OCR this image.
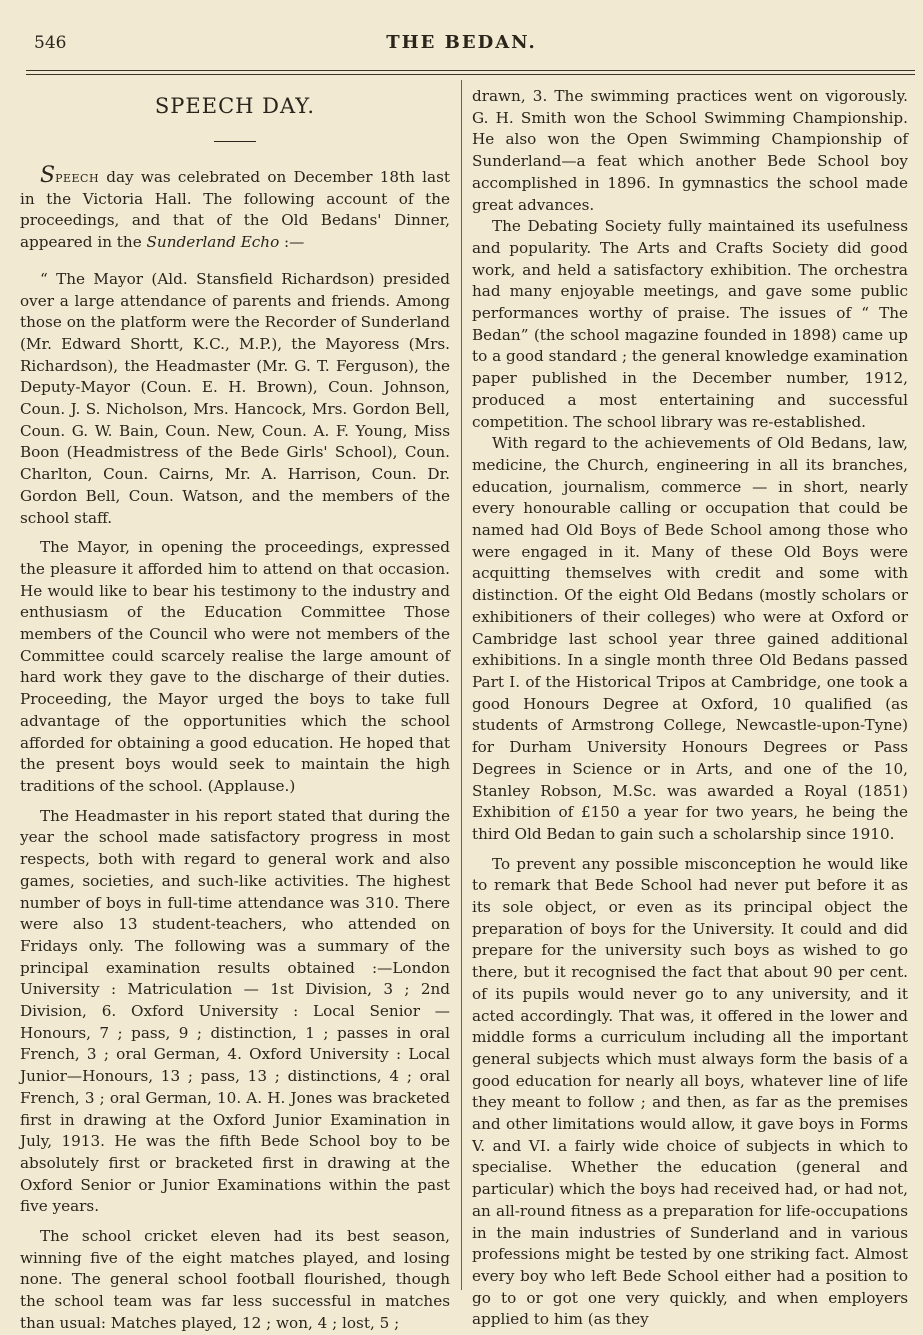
546	THE BEDAN.
SPEECH DAY.

Speech day was celebrated on December 18th last in the Victoria Hall. The following account of the proceedings, and that of the Old Bedans' Dinner, appeared in the Sunderland Echo :—

“ The Mayor (Ald. Stansfield Richardson) presided over a large attendance of parents and friends. Among those on the platform were the Recorder of Sunderland (Mr. Edward Shortt, K.C., M.P.), the Mayoress (Mrs. Richardson), the Headmaster (Mr. G. T. Ferguson), the Deputy-Mayor (Coun. E. H. Brown), Coun. Johnson, Coun. J. S. Nicholson, Mrs. Hancock, Mrs. Gordon Bell, Coun. G. W. Bain, Coun. New, Coun. A. F. Young, Miss Boon (Headmistress of the Bede Girls' School), Coun. Charlton, Coun. Cairns, Mr. A. Harrison, Coun. Dr. Gordon Bell, Coun. Watson, and the members of the school staff.

The Mayor, in opening the proceedings, expressed the pleasure it afforded him to attend on that occasion. He would like to bear his testimony to the industry and enthusiasm of the Education Committee Those members of the Council who were not members of the Committee could scarcely realise the large amount of hard work they gave to the discharge of their duties. Proceeding, the Mayor urged the boys to take full advantage of the opportunities which the school afforded for obtaining a good education. He hoped that the present boys would seek to maintain the high traditions of the school. (Applause.)

The Headmaster in his report stated that during the year the school made satisfactory progress in most respects, both with regard to general work and also games, societies, and such-like activities. The highest number of boys in full-time attendance was 310. There were also 13 student-teachers, who attended on Fridays only. The following was a summary of the principal examination results obtained :—London University : Matriculation — 1st Division, 3 ; 2nd Division, 6. Oxford University : Local Senior — Honours, 7 ; pass, 9 ; distinction, 1 ; passes in oral French, 3 ; oral German, 4. Oxford University : Local Junior—Honours, 13 ; pass, 13 ; distinctions, 4 ; oral French, 3 ; oral German, 10. A. H. Jones was bracketed first in drawing at the Oxford Junior Examination in July, 1913. He was the fifth Bede School boy to be absolutely first or bracketed first in drawing at the Oxford Senior or Junior Examinations within the past five years.

The school cricket eleven had its best season, winning five of the eight matches played, and losing none. The general school football flourished, though the school team was far less successful in matches than usual: Matches played, 12 ; won, 4 ; lost, 5 ;

drawn, 3. The swimming practices went on vigorously. G. H. Smith won the School Swimming Championship. He also won the Open Swimming Championship of Sunderland—a feat which another Bede School boy accomplished in 1896. In gymnastics the school made great advances.

The Debating Society fully maintained its usefulness and popularity. The Arts and Crafts Society did good work, and held a satisfactory exhibition. The orchestra had many enjoyable meetings, and gave some public performances worthy of praise. The issues of “ The Bedan” (the school magazine founded in 1898) came up to a good standard ; the general knowledge examination paper published in the December number, 1912, produced a most entertaining and successful competition. The school library was re-established.

With regard to the achievements of Old Bedans, law, medicine, the Church, engineering in all its branches, education, journalism, commerce — in short, nearly every honourable calling or occupation that could be named had Old Boys of Bede School among those who were engaged in it. Many of these Old Boys were acquitting themselves with credit and some with distinction. Of the eight Old Bedans (mostly scholars or exhibitioners of their colleges) who were at Oxford or Cambridge last school year three gained additional exhibitions. In a single month three Old Bedans passed Part I. of the Historical Tripos at Cambridge, one took a good Honours Degree at Oxford, 10 qualified (as students of Armstrong College, Newcastle-upon-Tyne) for Durham University Honours Degrees or Pass Degrees in Science or in Arts, and one of the 10, Stanley Robson, M.Sc. was awarded a Royal (1851) Exhibition of £150 a year for two years, he being the third Old Bedan to gain such a scholarship since 1910.

To prevent any possible misconception he would like to remark that Bede School had never put before it as its sole object, or even as its principal object the preparation of boys for the University. It could and did prepare for the university such boys as wished to go there, but it recognised the fact that about 90 per cent. of its pupils would never go to any university, and it acted accordingly. That was, it offered in the lower and middle forms a curriculum including all the important general subjects which must always form the basis of a good education for nearly all boys, whatever line of life they meant to follow ; and then, as far as the premises and other limitations would allow, it gave boys in Forms V. and VI. a fairly wide choice of subjects in which to specialise. Whether the education (general and particular) which the boys had received had, or had not, an all-round fitness as a preparation for life-occupations in the main industries of Sunderland and in various professions might be tested by one striking fact. Almost every boy who left Bede School either had a position to go to or got one very quickly, and when employers applied to him (as they
